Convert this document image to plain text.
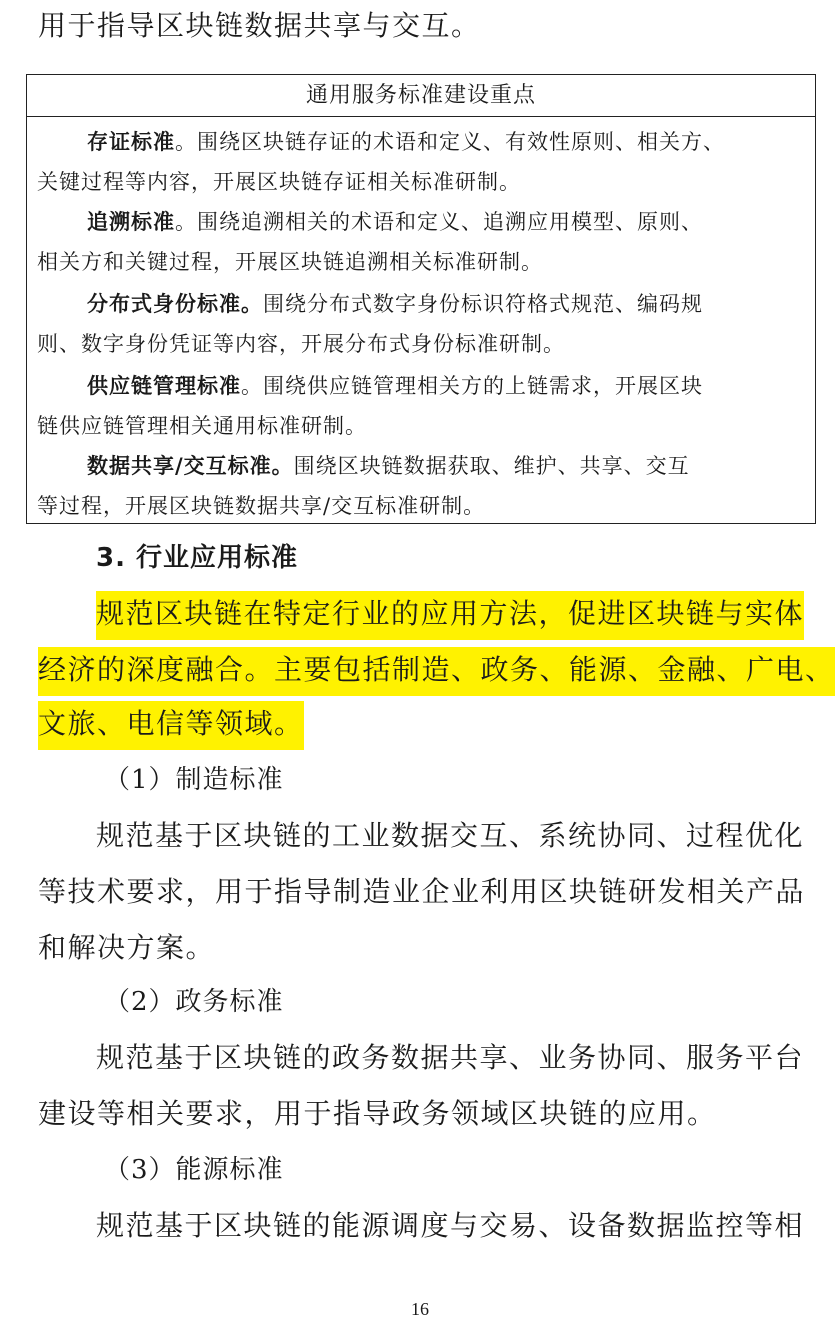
用于指导区块链数据共享与交互。
通用服务标准建设重点
存证标准。围绕区块链存证的术语和定义、有效性原则、相关方、
关键过程等内容，开展区块链存证相关标准研制。
追溯标准。围绕追溯相关的术语和定义、追溯应用模型、原则、
相关方和关键过程，开展区块链追溯相关标准研制。
分布式身份标准。围绕分布式数字身份标识符格式规范、编码规
则、数字身份凭证等内容，开展分布式身份标准研制。
供应链管理标准。围绕供应链管理相关方的上链需求，开展区块
链供应链管理相关通用标准研制。
数据共享/交互标准。围绕区块链数据获取、维护、共享、交互
等过程，开展区块链数据共享/交互标准研制。
3. 行业应用标准
规范区块链在特定行业的应用方法，促进区块链与实体
经济的深度融合。主要包括制造、政务、能源、金融、广电、
文旅、电信等领域。
（1）制造标准
规范基于区块链的工业数据交互、系统协同、过程优化
等技术要求，用于指导制造业企业利用区块链研发相关产品
和解决方案。
（2）政务标准
规范基于区块链的政务数据共享、业务协同、服务平台
建设等相关要求，用于指导政务领域区块链的应用。
（3）能源标准
规范基于区块链的能源调度与交易、设备数据监控等相
16
